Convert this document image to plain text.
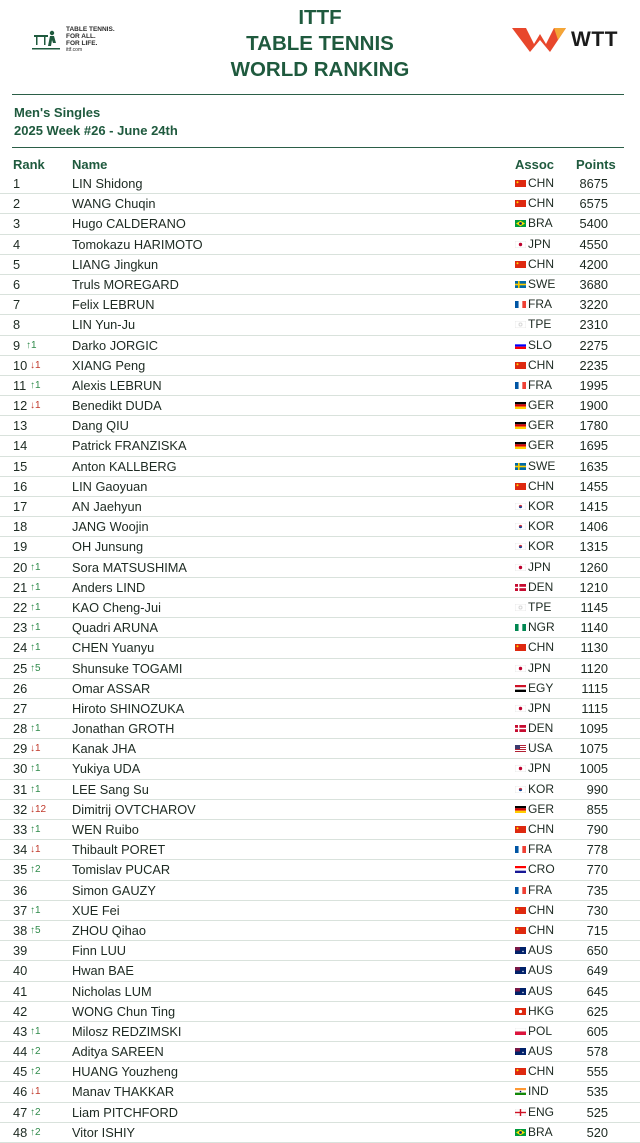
TABLE TENNIS.
FOR ALL.
FOR LIFE.
ittf.com
ITTF
TABLE TENNIS
WORLD RANKING
WTT
Men's Singles
2025 Week #26 - June 24th
Rank Name	Assoc Points
1	LIN Shidong	CHN 8675
2	WANG Chuqin	CHN 6575
3	Hugo CALDERANO	BRA 5400
4	Tomokazu HARIMOTO	JPN 4550
5	LIANG Jingkun	CHN 4200
6	Truls MOREGARD	SWE 3680
7	Felix LEBRUN	FRA 3220
8	LIN Yun-Ju	TPE 2310
9 ↑1	Darko JORGIC	SLO 2275
10 ↓1 XIANG Peng	CHN 2235
11 ↑1 Alexis LEBRUN	FRA 1995
12 ↓1 Benedikt DUDA	GER 1900
13	Dang QIU	GER 1780
14	Patrick FRANZISKA	GER 1695
15	Anton KALLBERG	SWE 1635
16	LIN Gaoyuan	CHN 1455
17	AN Jaehyun	KOR 1415
18	JANG Woojin	KOR 1406
19	OH Junsung	KOR 1315
20 ↑1 Sora MATSUSHIMA	JPN 1260
21 ↑1 Anders LIND	DEN 1210
22 ↑1 KAO Cheng-Jui	TPE 1145
23 ↑1 Quadri ARUNA	NGR 1140
24 ↑1 CHEN Yuanyu	CHN 1130
25 ↑5 Shunsuke TOGAMI	JPN 1120
26	Omar ASSAR	EGY 1115
27	Hiroto SHINOZUKA	JPN 1115
28 ↑1 Jonathan GROTH	DEN 1095
29 ↓1 Kanak JHA	USA 1075
30 ↑1 Yukiya UDA	JPN 1005
31 ↑1 LEE Sang Su	KOR	990
32 ↓12 Dimitrij OVTCHAROV	GER	855
33 ↑1 WEN Ruibo	CHN	790
34 ↓1 Thibault PORET	FRA	778
35 ↑2 Tomislav PUCAR	CRO 770
36	Simon GAUZY	FRA	735
37 ↑1 XUE Fei	CHN	730
38 ↑5 ZHOU Qihao	CHN	715
39	Finn LUU	AUS	650
40	Hwan BAE	AUS	649
41	Nicholas LUM	AUS	645
42	WONG Chun Ting	HKG	625
43 ↑1 Milosz REDZIMSKI	POL	605
44 ↑2 Aditya SAREEN	AUS	578
45 ↑2 HUANG Youzheng	CHN	555
46 ↓1 Manav THAKKAR	IND	535
47 ↑2 Liam PITCHFORD	ENG	525
48 ↑2 Vitor ISHIY	BRA	520
